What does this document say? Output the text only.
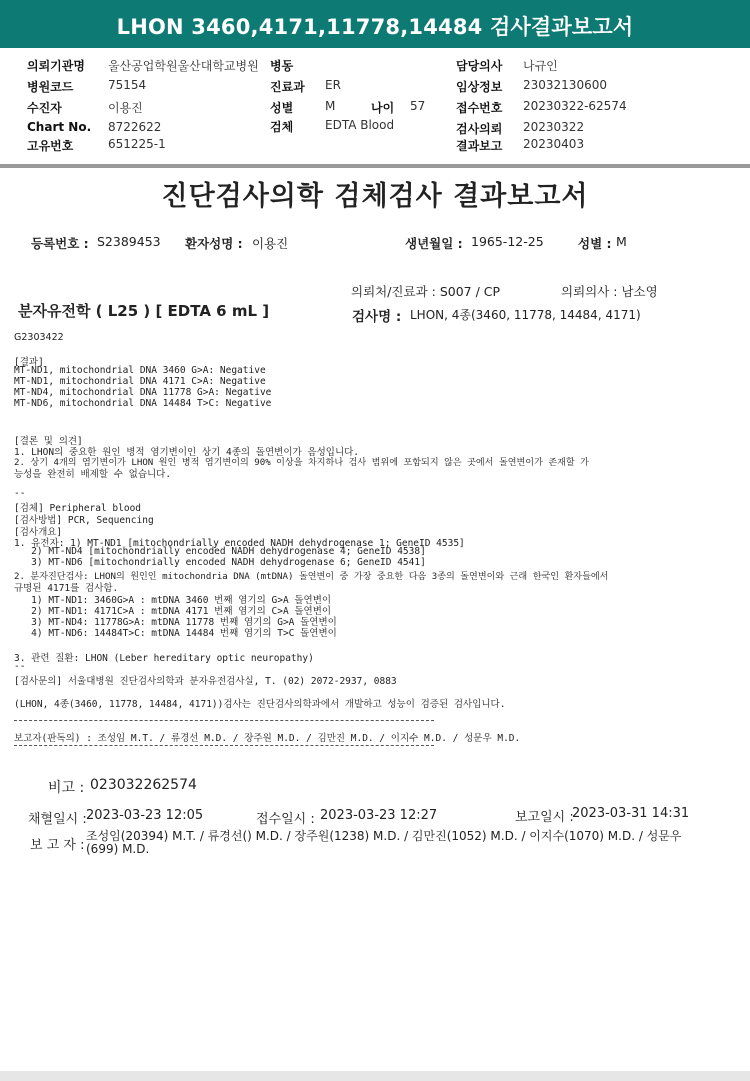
LHON 3460,4171,11778,14484 검사결과보고서
의뢰기관명 울산공업학원울산대학교병원 병동	담당의사 나규인
병원코드	75154	진료과 ER	임상정보 23032130600
수진자	이용진	성별	M	나이 57	접수번호 20230322-62574
Chart No. 8722622	검체	EDTA Blood	검사의뢰 20230322
고유번호	651225-1	결과보고 20230403
진단검사의학 검체검사 결과보고서
등록번호 : S2389453 환자성명 : 이용진	생년월일 : 1965-12-25	성별 : M
의뢰처/진료과 : S007 / CP	의뢰의사 : 남소영
분자유전학 ( L25 ) [ EDTA 6 mL ]	검사명 : LHON, 4종(3460, 11778, 14484, 4171)
G2303422
[결과]
MT-ND1, mitochondrial DNA 3460 G>A: Negative
MT-ND1, mitochondrial DNA 4171 C>A: Negative
MT-ND4, mitochondrial DNA 11778 G>A: Negative
MT-ND6, mitochondrial DNA 14484 T>C: Negative
[결론 및 의견]
1. LHON의 중요한 원인 병적 염기변이인 상기 4종의 돌연변이가 음성입니다.
2. 상기 4개의 염기변이가 LHON 원인 병적 염기변이의 90% 이상을 차지하나 검사 범위에 포함되지 않은 곳에서 돌연변이가 존재할 가
능성을 완전히 배제할 수 없습니다.
--
[검체] Peripheral blood
[검사방법] PCR, Sequencing
[검사개요]
1. 유전자: 1) MT-ND1 [mitochondrially encoded NADH dehydrogenase 1; GeneID 4535]
2) MT-ND4 [mitochondrially encoded NADH dehydrogenase 4; GeneID 4538]
3) MT-ND6 [mitochondrially encoded NADH dehydrogenase 6; GeneID 4541]
2. 분자진단검사: LHON의 원인인 mitochondria DNA (mtDNA) 돌연변이 중 가장 중요한 다음 3종의 돌연변이와 근래 한국인 환자들에서
규명된 4171를 검사함.
1) MT-ND1: 3460G>A : mtDNA 3460 번째 염기의 G>A 돌연변이
2) MT-ND1: 4171C>A : mtDNA 4171 번째 염기의 C>A 돌연변이
3) MT-ND4: 11778G>A: mtDNA 11778 번째 염기의 G>A 돌연변이
4) MT-ND6: 14484T>C: mtDNA 14484 번째 염기의 T>C 돌연변이
3. 관련 질환: LHON (Leber hereditary optic neuropathy)
--
[검사문의] 서울대병원 진단검사의학과 분자유전검사실, T. (02) 2072-2937, 0883
(LHON, 4종(3460, 11778, 14484, 4171))검사는 진단검사의학과에서 개발하고 성능이 검증된 검사입니다.
보고자(판독의) : 조성임 M.T. / 류경선 M.D. / 장주원 M.D. / 김만진 M.D. / 이지수 M.D. / 성문우 M.D.
비고 : 023032262574
채혈일시 : 2023-03-23 12:05	접수일시 : 2023-03-23 12:27	보고일시 :
2023-03-31 14:31
보 고 자 :
조성임(20394) M.T. / 류경선() M.D. / 장주원(1238) M.D. / 김만진(1052) M.D. / 이지수(1070) M.D. / 성문우
(699) M.D.
